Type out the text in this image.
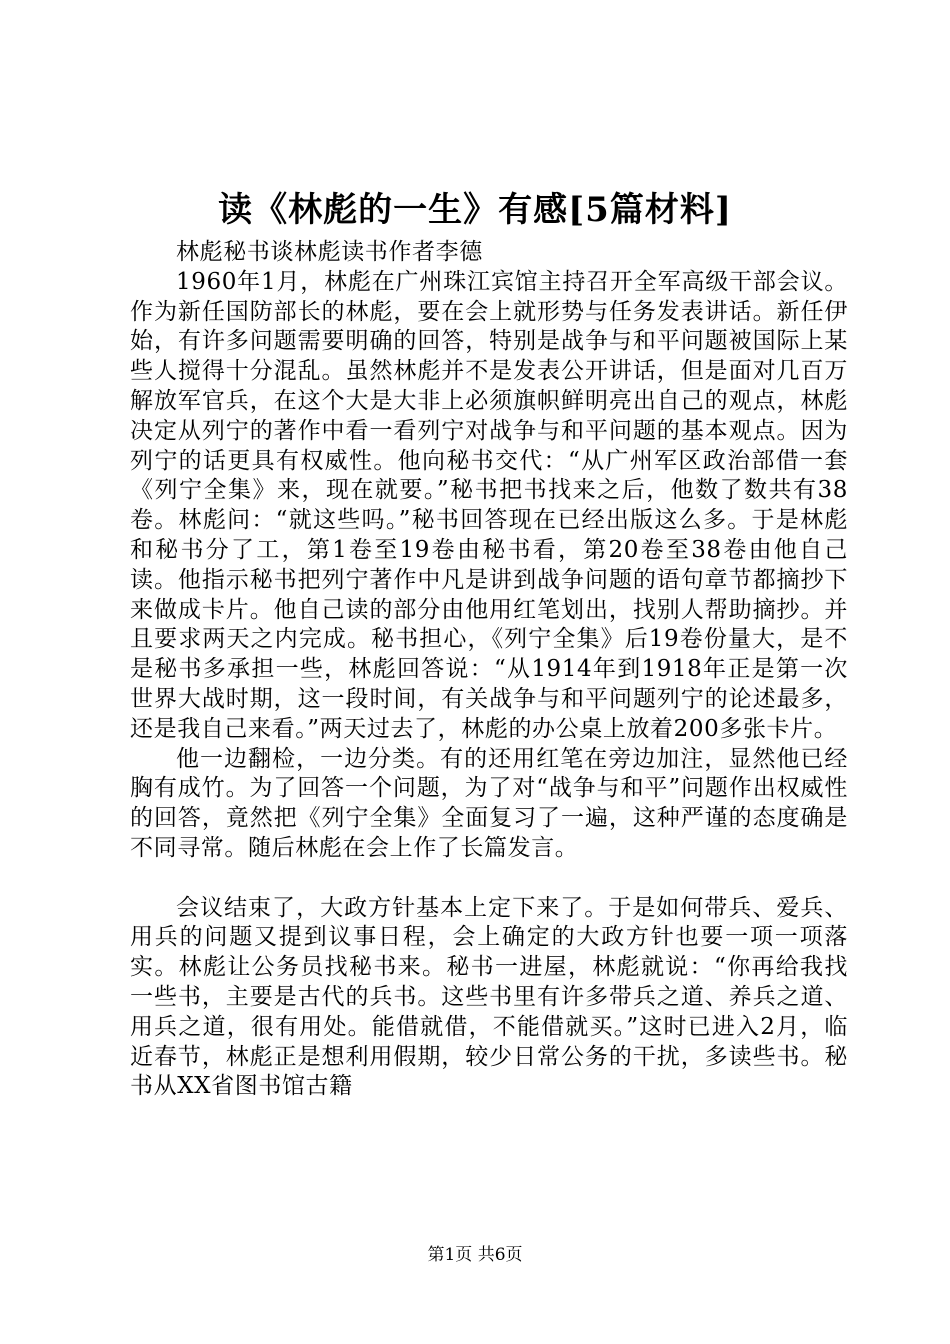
读《林彪的一生》有感[5篇材料]

林彪秘书谈林彪读书作者李德

1960年1月，林彪在广州珠江宾馆主持召开全军高级干部会议。作为新任国防部长的林彪，要在会上就形势与任务发表讲话。新任伊始，有许多问题需要明确的回答，特别是战争与和平问题被国际上某些人搅得十分混乱。虽然林彪并不是发表公开讲话，但是面对几百万解放军官兵，在这个大是大非上必须旗帜鲜明亮出自己的观点，林彪决定从列宁的著作中看一看列宁对战争与和平问题的基本观点。因为列宁的话更具有权威性。他向秘书交代：“从广州军区政治部借一套《列宁全集》来，现在就要。”秘书把书找来之后，他数了数共有38卷。林彪问：“就这些吗。”秘书回答现在已经出版这么多。于是林彪和秘书分了工，第1卷至19卷由秘书看，第20卷至38卷由他自己读。他指示秘书把列宁著作中凡是讲到战争问题的语句章节都摘抄下来做成卡片。他自己读的部分由他用红笔划出，找别人帮助摘抄。并且要求两天之内完成。秘书担心，《列宁全集》后19卷份量大，是不是秘书多承担一些，林彪回答说：“从1914年到1918年正是第一次世界大战时期，这一段时间，有关战争与和平问题列宁的论述最多，还是我自己来看。”两天过去了，林彪的办公桌上放着200多张卡片。

他一边翻检，一边分类。有的还用红笔在旁边加注，显然他已经胸有成竹。为了回答一个问题，为了对“战争与和平”问题作出权威性的回答，竟然把《列宁全集》全面复习了一遍，这种严谨的态度确是不同寻常。随后林彪在会上作了长篇发言。

会议结束了，大政方针基本上定下来了。于是如何带兵、爱兵、用兵的问题又提到议事日程，会上确定的大政方针也要一项一项落实。林彪让公务员找秘书来。秘书一进屋，林彪就说：“你再给我找一些书，主要是古代的兵书。这些书里有许多带兵之道、养兵之道、用兵之道，很有用处。能借就借，不能借就买。”这时已进入2月，临近春节，林彪正是想利用假期，较少日常公务的干扰，多读些书。秘书从XX省图书馆古籍

第1页 共6页
